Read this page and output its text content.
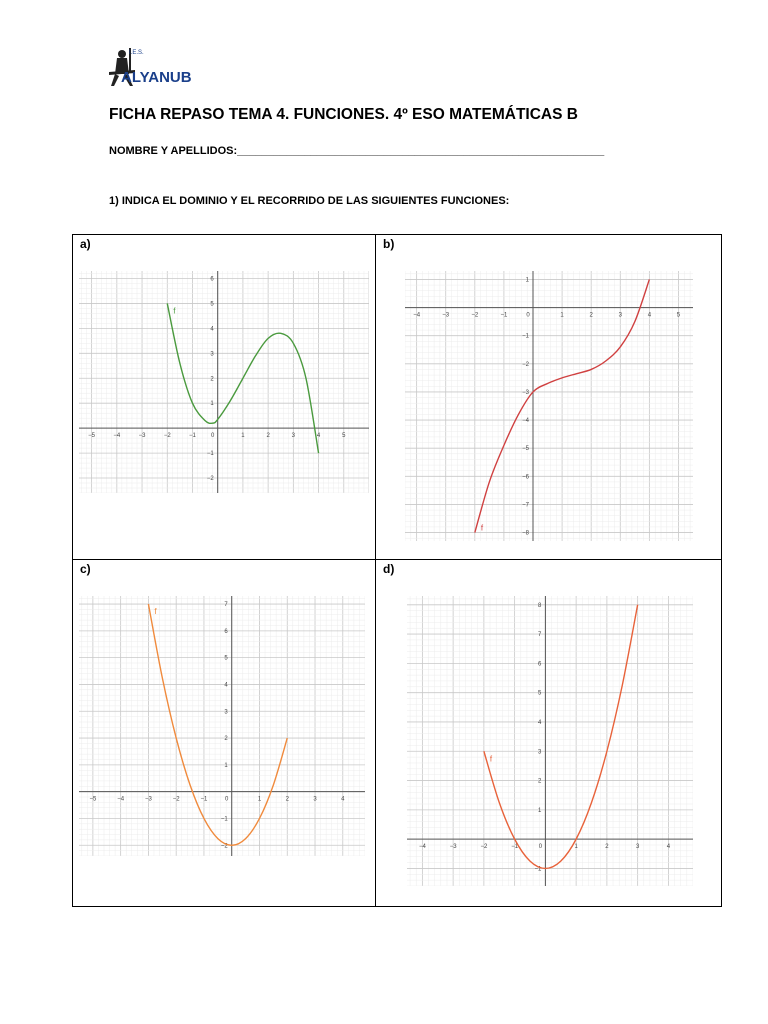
I.E.S.
ALYANUB
FICHA REPASO TEMA 4. FUNCIONES. 4º ESO MATEMÁTICAS B
NOMBRE Y APELLIDOS:____________________________________________________________
1) INDICA EL DOMINIO Y EL RECORRIDO DE LAS SIGUIENTES FUNCIONES:
a)
−5	−4	−3	−2	−1	0	1	2	3	4	5
−2
−1
1
2
3
4
5
6
f
b)
−4	−3	−2	−1	0	1	2	3	4	5
−8
−7
−6
−5
−4
−3
−2
−1
1
f
c)
−5	−4	−3	−2	−1	0	1	2	3	4
−2
−1
1
2
3
4
5
6
7
f
d)
−4	−3	−2	−1	0	1	2	3	4
−1
1
2
3
4
5
6
7
8
f
